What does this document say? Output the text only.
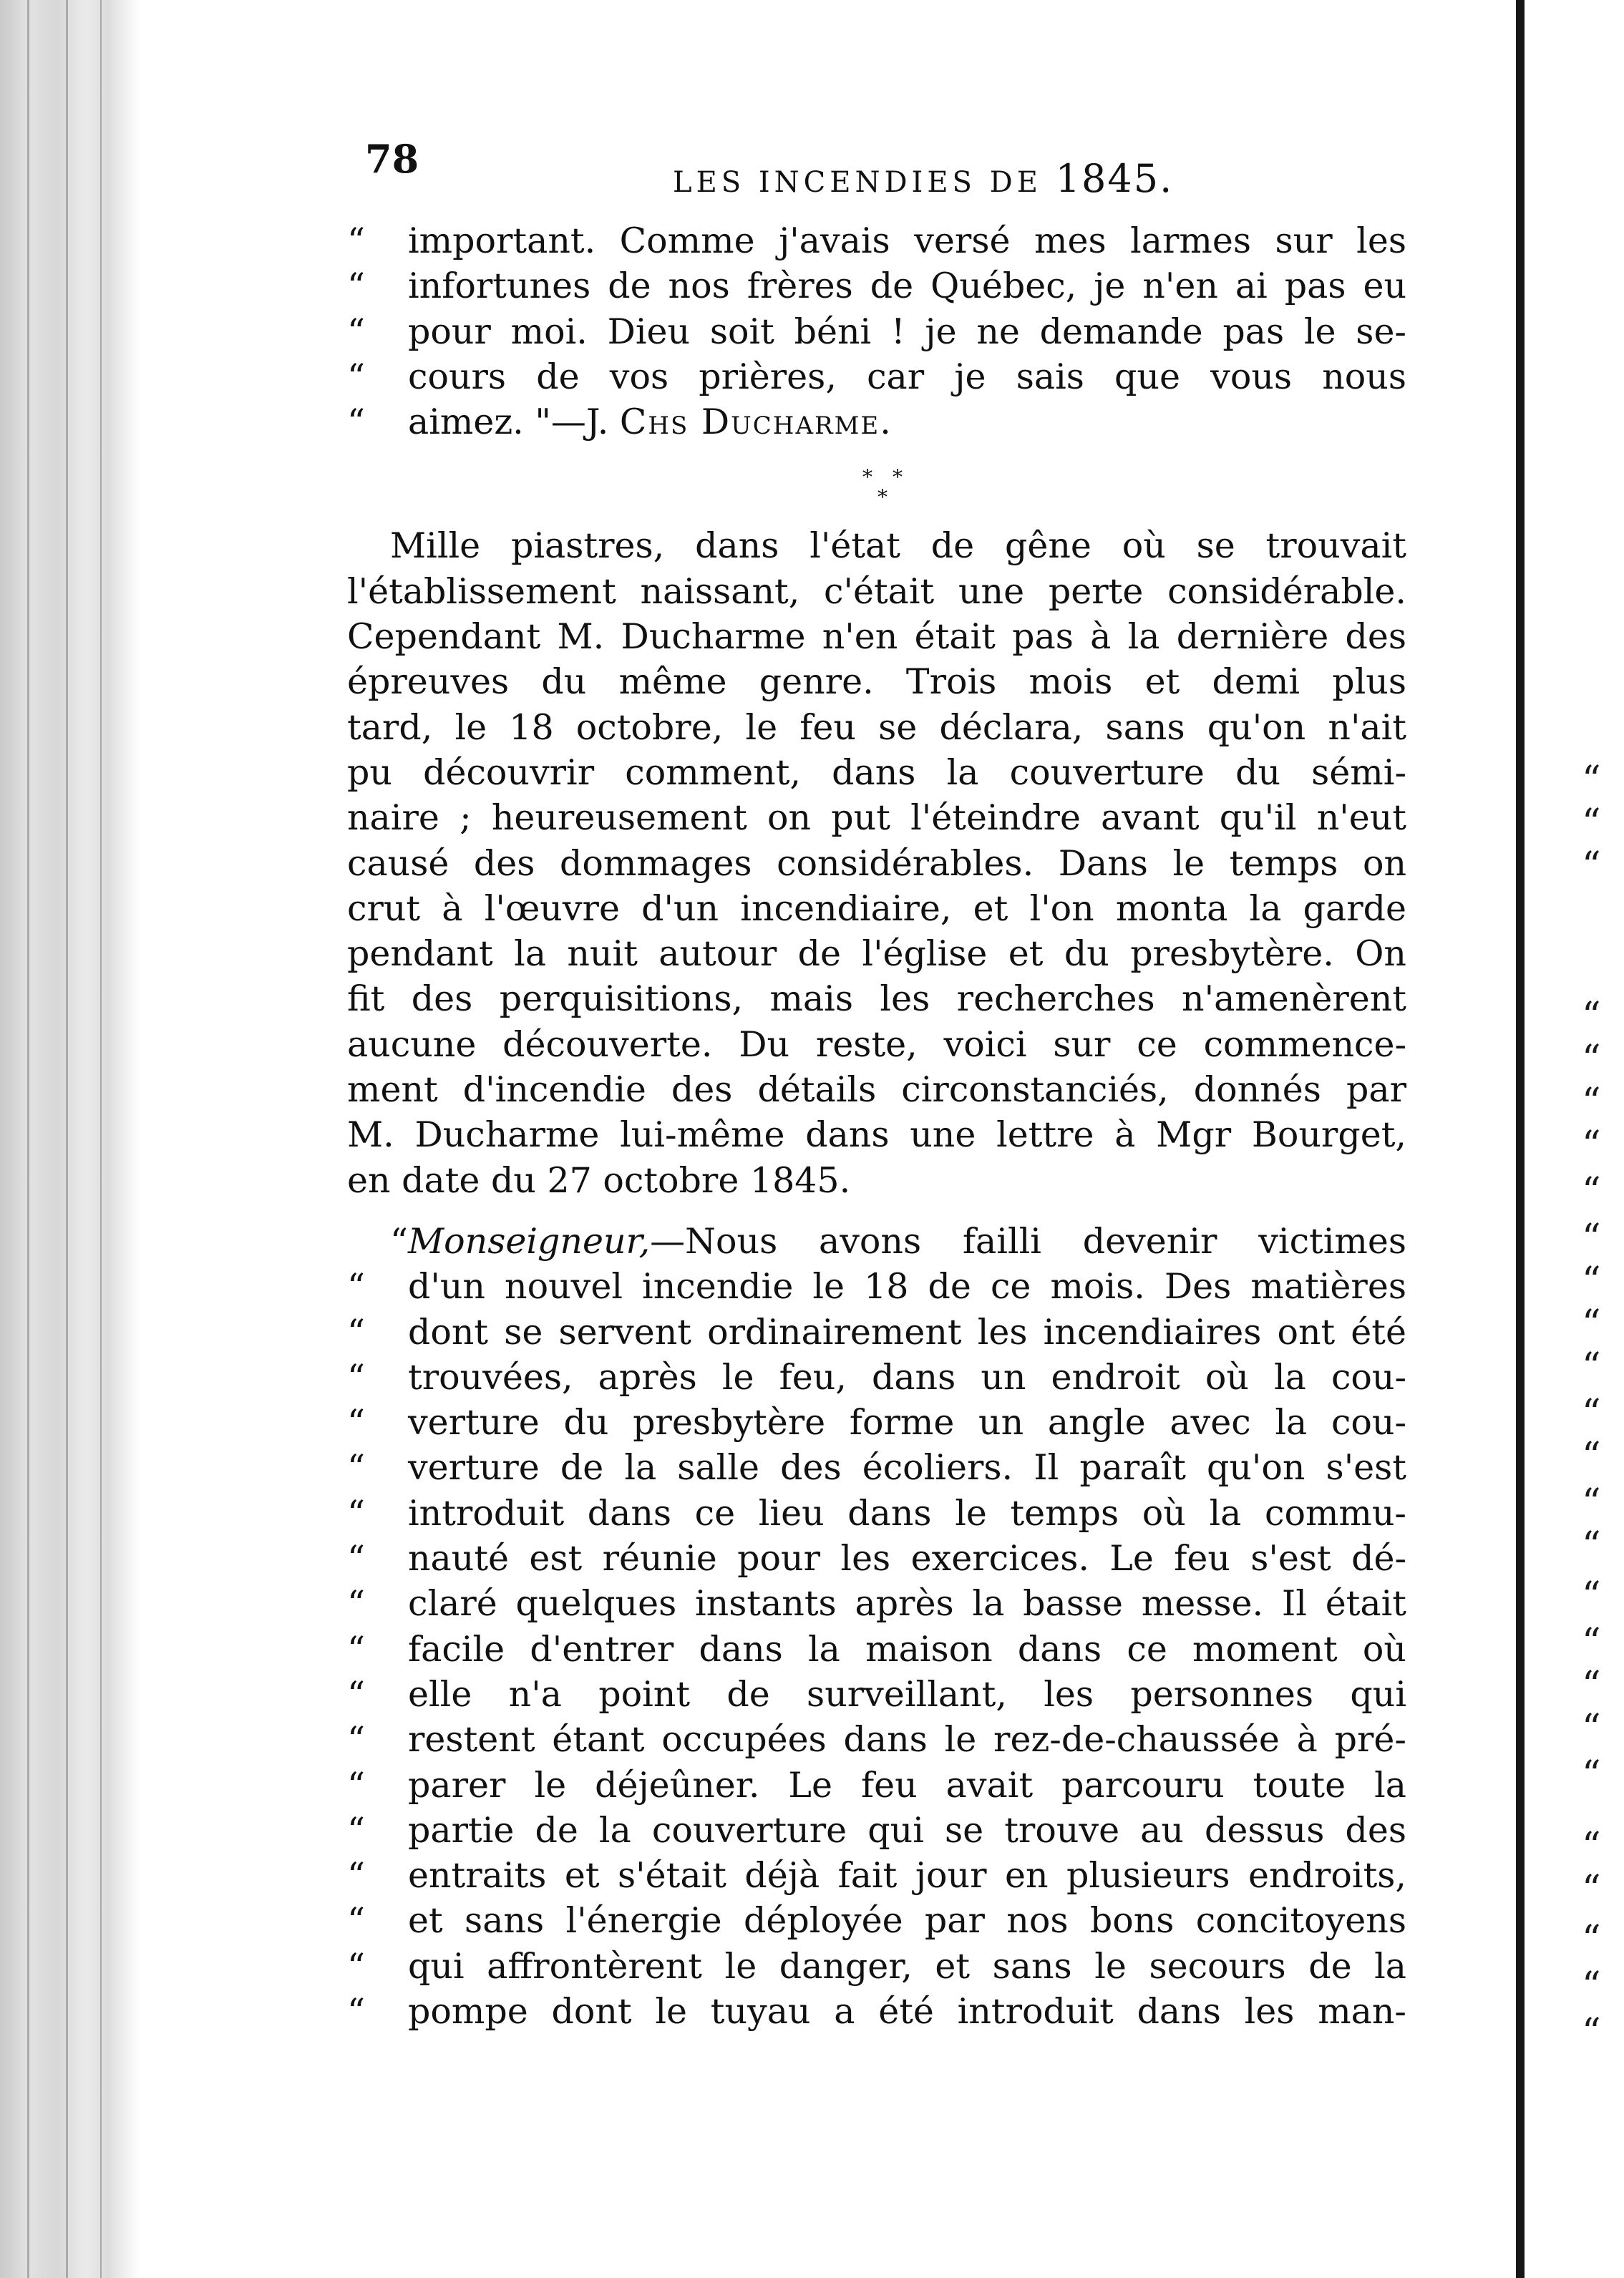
“
“
“
“
“
“
“
“
“
“
“
“
“
“
“
“
“
“
“
“
“
“
“
“
“
“
78
LES INCENDIES DE 1845.
“	important. Comme j'avais versé mes larmes sur les
“	infortunes de nos frères de Québec, je n'en ai pas eu
“	pour moi. Dieu soit béni ! je ne demande pas le se-
“	cours de vos prières, car je sais que vous nous
“	aimez. "—J. Chs Ducharme.
* *
*
Mille piastres, dans l'état de gêne où se trouvait
l'établissement naissant, c'était une perte considérable.
Cependant M. Ducharme n'en était pas à la dernière des
épreuves du même genre. Trois mois et demi plus
tard, le 18 octobre, le feu se déclara, sans qu'on n'ait
pu découvrir comment, dans la couverture du sémi-
naire ; heureusement on put l'éteindre avant qu'il n'eut
causé des dommages considérables. Dans le temps on
crut à l'œuvre d'un incendiaire, et l'on monta la garde
pendant la nuit autour de l'église et du presbytère. On
fit des perquisitions, mais les recherches n'amenèrent
aucune découverte. Du reste, voici sur ce commence-
ment d'incendie des détails circonstanciés, donnés par
M. Ducharme lui-même dans une lettre à Mgr Bourget,
en date du 27 octobre 1845.
“ Monseigneur,—Nous avons failli devenir victimes
“	d'un nouvel incendie le 18 de ce mois. Des matières
“	dont se servent ordinairement les incendiaires ont été
“	trouvées, après le feu, dans un endroit où la cou-
“	verture du presbytère forme un angle avec la cou-
“	verture de la salle des écoliers. Il paraît qu'on s'est
“	introduit dans ce lieu dans le temps où la commu-
“	nauté est réunie pour les exercices. Le feu s'est dé-
“	claré quelques instants après la basse messe. Il était
“	facile d'entrer dans la maison dans ce moment où
“	elle n'a point de surveillant, les personnes qui
“	restent étant occupées dans le rez-de-chaussée à pré-
“	parer le déjeûner. Le feu avait parcouru toute la
“	partie de la couverture qui se trouve au dessus des
“	entraits et s'était déjà fait jour en plusieurs endroits,
“	et sans l'énergie déployée par nos bons concitoyens
“	qui affrontèrent le danger, et sans le secours de la
“	pompe dont le tuyau a été introduit dans les man-
